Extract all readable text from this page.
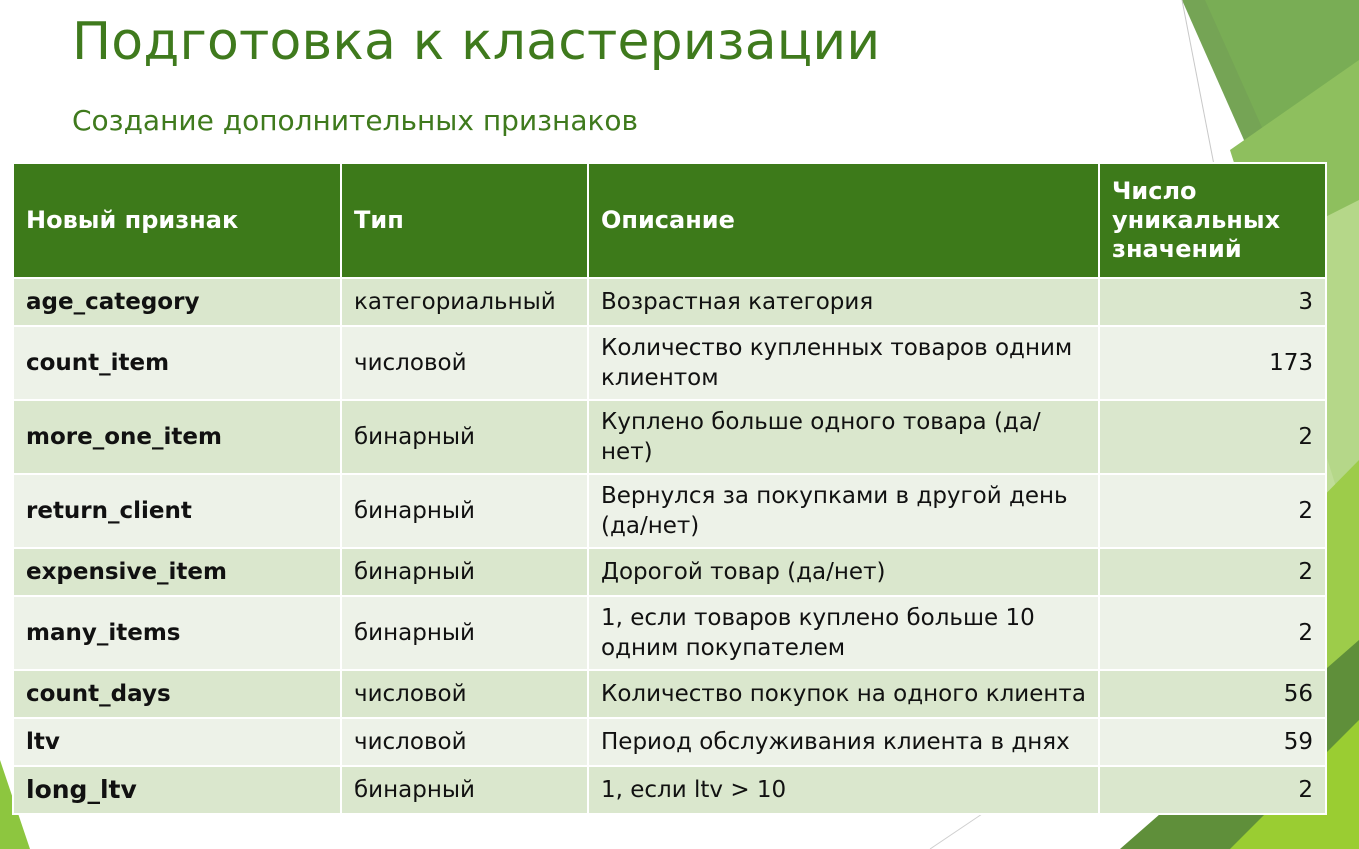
Подготовка к кластеризации
Создание дополнительных признаков
Новый признак	Тип	Описание	Число уникальных значений
age_category	категориальный	Возрастная категория	3
count_item	числовой	Количество купленных товаров одним клиентом	173
more_one_item	бинарный	Куплено больше одного товара (да/нет)	2
return_client	бинарный	Вернулся за покупками в другой день (да/нет)	2
expensive_item	бинарный	Дорогой товар (да/нет)	2
many_items	бинарный	1, если товаров куплено больше 10 одним покупателем	2
count_days	числовой	Количество покупок на одного клиента	56
ltv	числовой	Период обслуживания клиента в днях	59
long_ltv	бинарный	1, если ltv > 10	2
